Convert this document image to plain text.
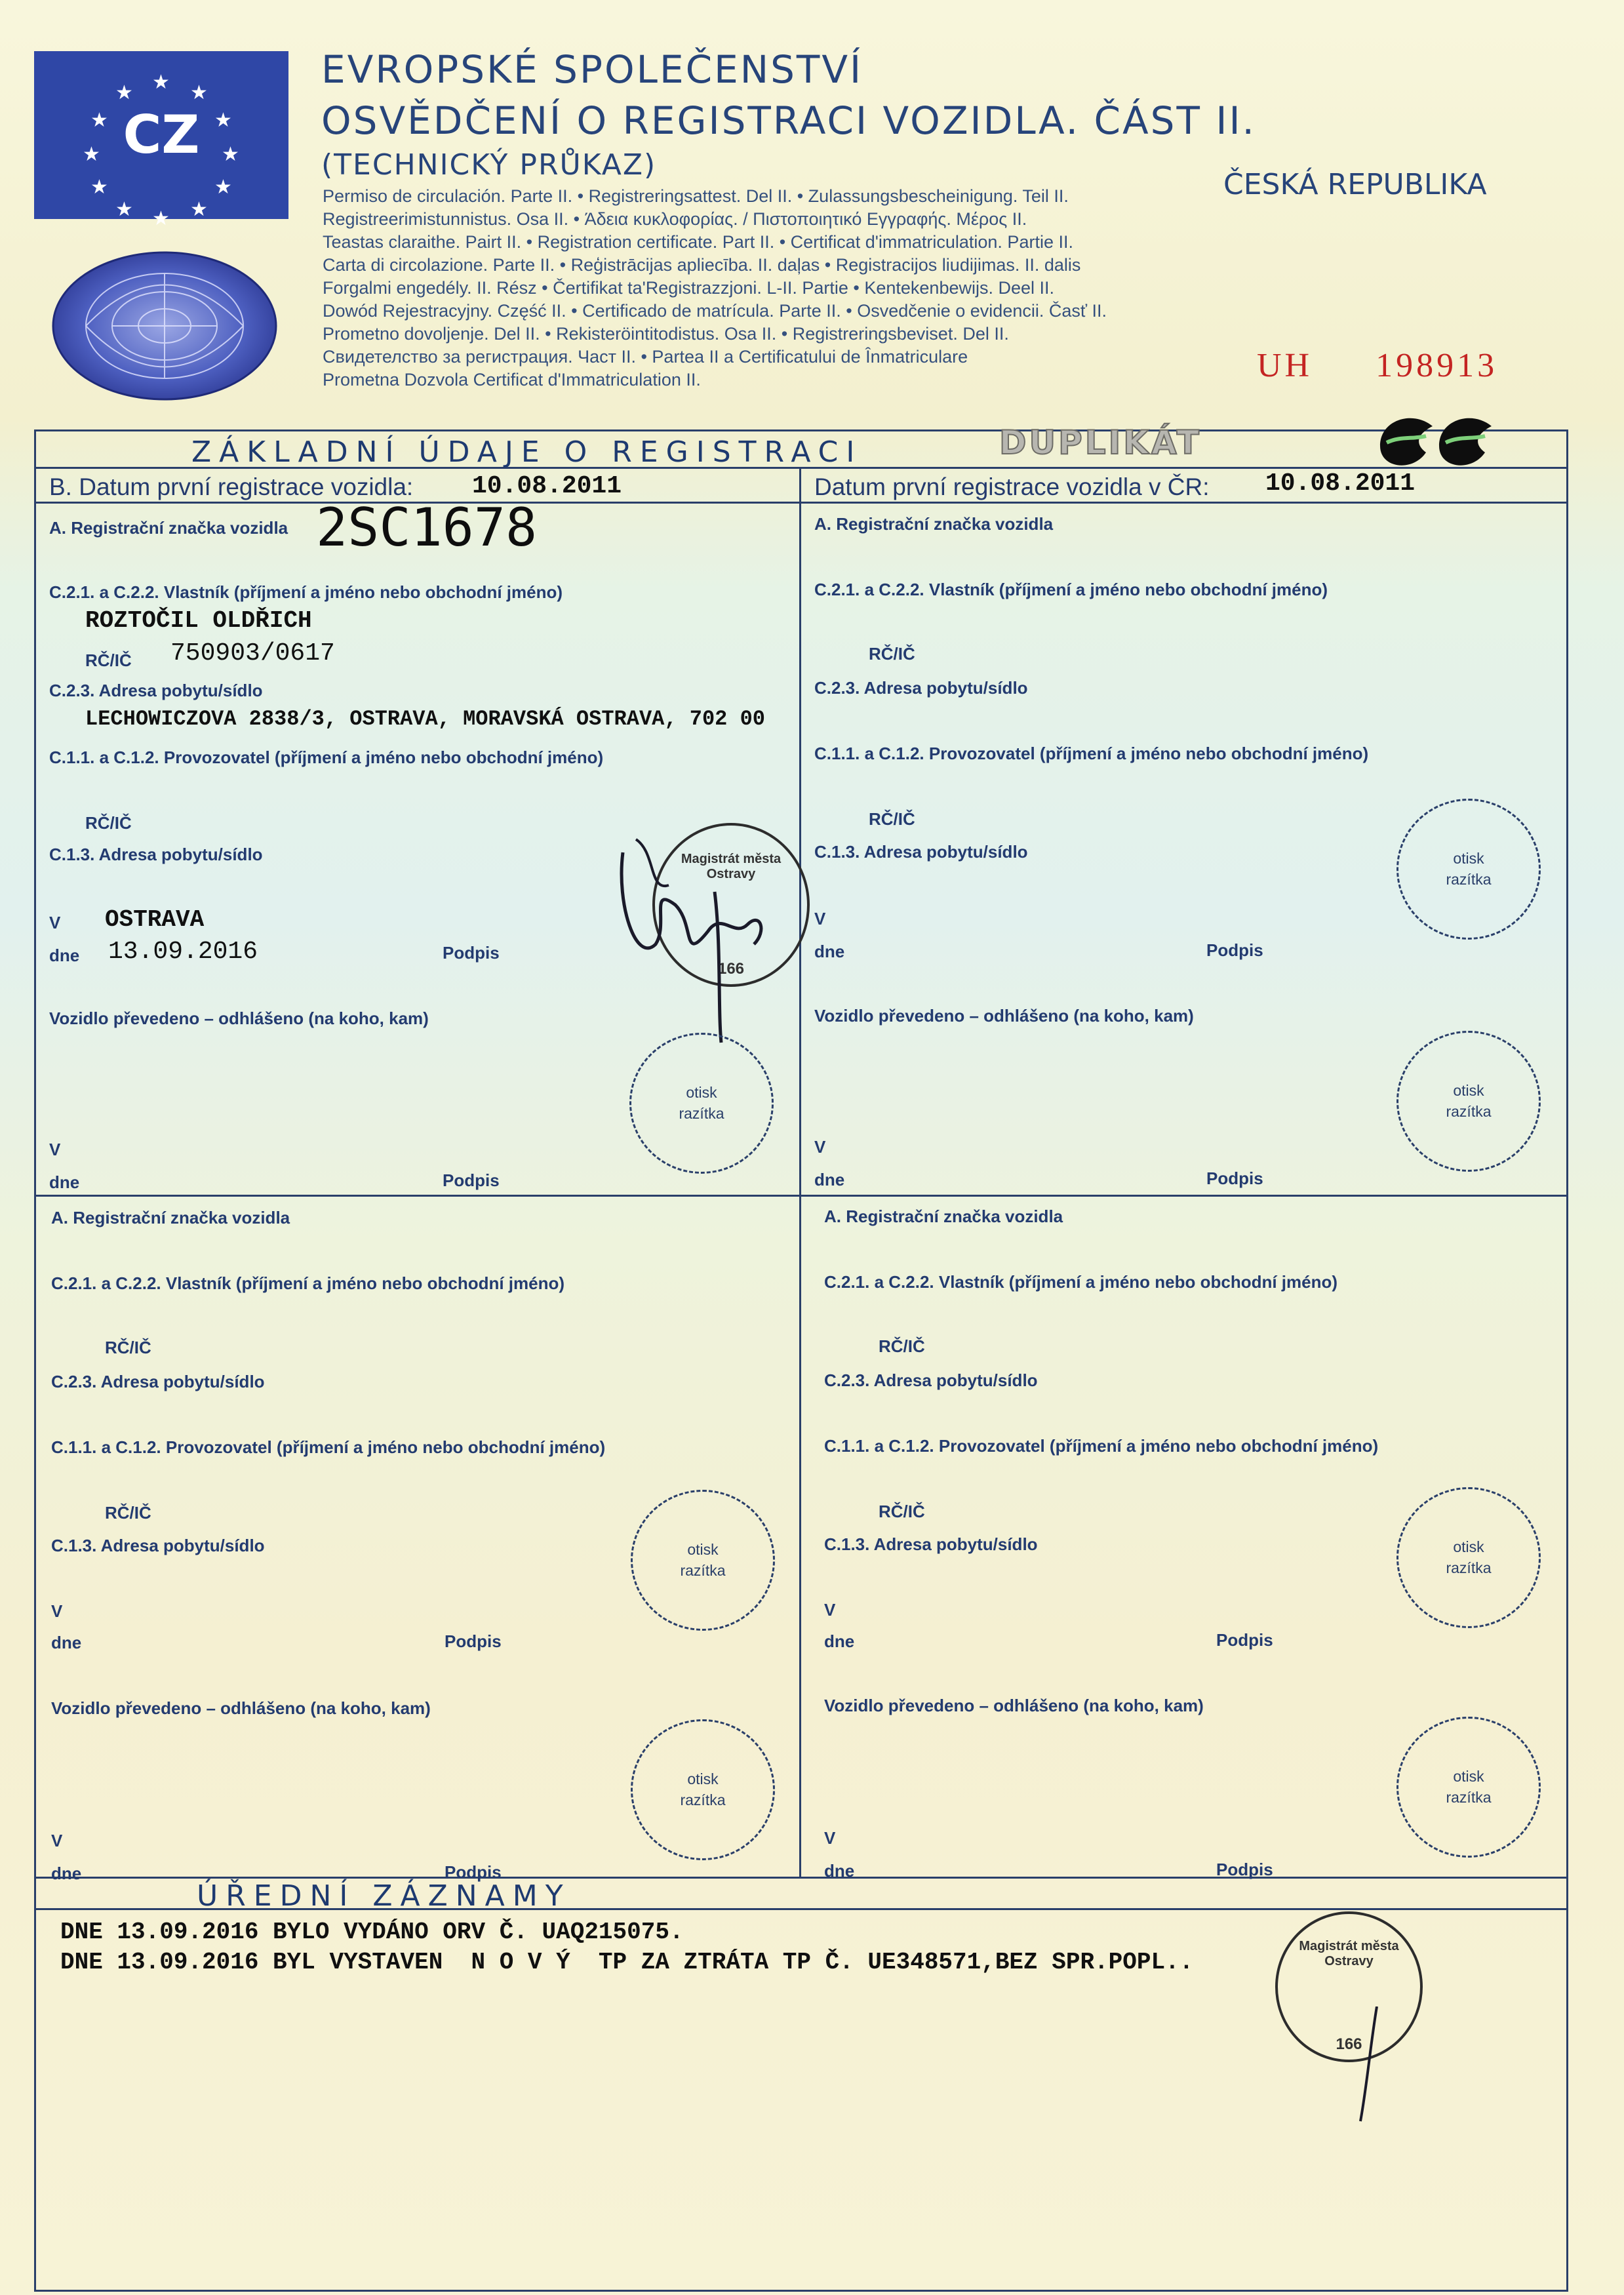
★ ★
★
★
★
★
★
★
★
★
★
★
CZ
EVROPSKÉ SPOLEČENSTVÍ
OSVĚDČENÍ O REGISTRACI VOZIDLA. ČÁST II.
(TECHNICKÝ PRŮKAZ)
Permiso de circulación. Parte II. • Registreringsattest. Del II. • Zulassungsbescheinigung. Teil II.
Registreerimistunnistus. Osa II. • Άδεια κυκλοφορίας. / Πιστοποιητικό Εγγραφής. Μέρος II.
Teastas claraithe. Pairt II. • Registration certificate. Part II. • Certificat d'immatriculation. Partie II.
Carta di circolazione. Parte II. • Reģistrācijas apliecība. II. daļas • Registracijos liudijimas. II. dalis
Forgalmi engedély. II. Rész • Čertifikat ta'Registrazzjoni. L-II. Partie • Kentekenbewijs. Deel II.
Dowód Rejestracyjny. Część II. • Certificado de matrícula. Parte II. • Osvedčenie o evidencii. Časť II.
Prometno dovoljenje. Del II. • Rekisteröintitodistus. Osa II. • Registreringsbeviset. Del II.
Свидетелство за регистрация. Част II. • Partea II a Certificatului de Înmatriculare
Prometna Dozvola Certificat d'Immatriculation II.
ČESKÁ REPUBLIKA
UH 198913
ZÁKLADNÍ ÚDAJE O REGISTRACI	DUPLIKÁT
B. Datum první registrace vozidla: 10.08.2011	Datum první registrace vozidla v ČR: 10.08.2011
A. Registrační značka vozidla 2SC1678
C.2.1. a C.2.2. Vlastník (příjmení a jméno nebo obchodní jméno)
ROZTOČIL OLDŘICH
RČ/IČ 750903/0617
C.2.3. Adresa pobytu/sídlo
LECHOWICZOVA 2838/3, OSTRAVA, MORAVSKÁ OSTRAVA, 702 00
C.1.1. a C.1.2. Provozovatel (příjmení a jméno nebo obchodní jméno)
RČ/IČ
C.1.3. Adresa pobytu/sídlo
V OSTRAVA
dne 13.09.2016	Podpis
Magistrát města Ostravy
166
Vozidlo převedeno – odhlášeno (na koho, kam)
V
dne	Podpis
otisk
razítka
A. Registrační značka vozidla
C.2.1. a C.2.2. Vlastník (příjmení a jméno nebo obchodní jméno)
RČ/IČ
C.2.3. Adresa pobytu/sídlo
C.1.1. a C.1.2. Provozovatel (příjmení a jméno nebo obchodní jméno)
RČ/IČ
C.1.3. Adresa pobytu/sídlo
V
dne	Podpis
otisk
razítka
Vozidlo převedeno – odhlášeno (na koho, kam)
V
dne	Podpis
otisk
razítka
A. Registrační značka vozidla
C.2.1. a C.2.2. Vlastník (příjmení a jméno nebo obchodní jméno)
RČ/IČ
C.2.3. Adresa pobytu/sídlo
C.1.1. a C.1.2. Provozovatel (příjmení a jméno nebo obchodní jméno)
RČ/IČ
C.1.3. Adresa pobytu/sídlo
V
dne	Podpis
otisk
razítka
Vozidlo převedeno – odhlášeno (na koho, kam)
V
dne	Podpis
otisk
razítka
A. Registrační značka vozidla
C.2.1. a C.2.2. Vlastník (příjmení a jméno nebo obchodní jméno)
RČ/IČ
C.2.3. Adresa pobytu/sídlo
C.1.1. a C.1.2. Provozovatel (příjmení a jméno nebo obchodní jméno)
RČ/IČ
C.1.3. Adresa pobytu/sídlo
V
dne	Podpis
otisk
razítka
Vozidlo převedeno – odhlášeno (na koho, kam)
V
dne	Podpis
otisk
razítka
ÚŘEDNÍ ZÁZNAMY
DNE 13.09.2016 BYLO VYDÁNO ORV Č. UAQ215075.
DNE 13.09.2016 BYL VYSTAVEN  N O V Ý  TP ZA ZTRÁTA TP Č. UE348571,BEZ SPR.POPL..
Magistrát města Ostravy
166
